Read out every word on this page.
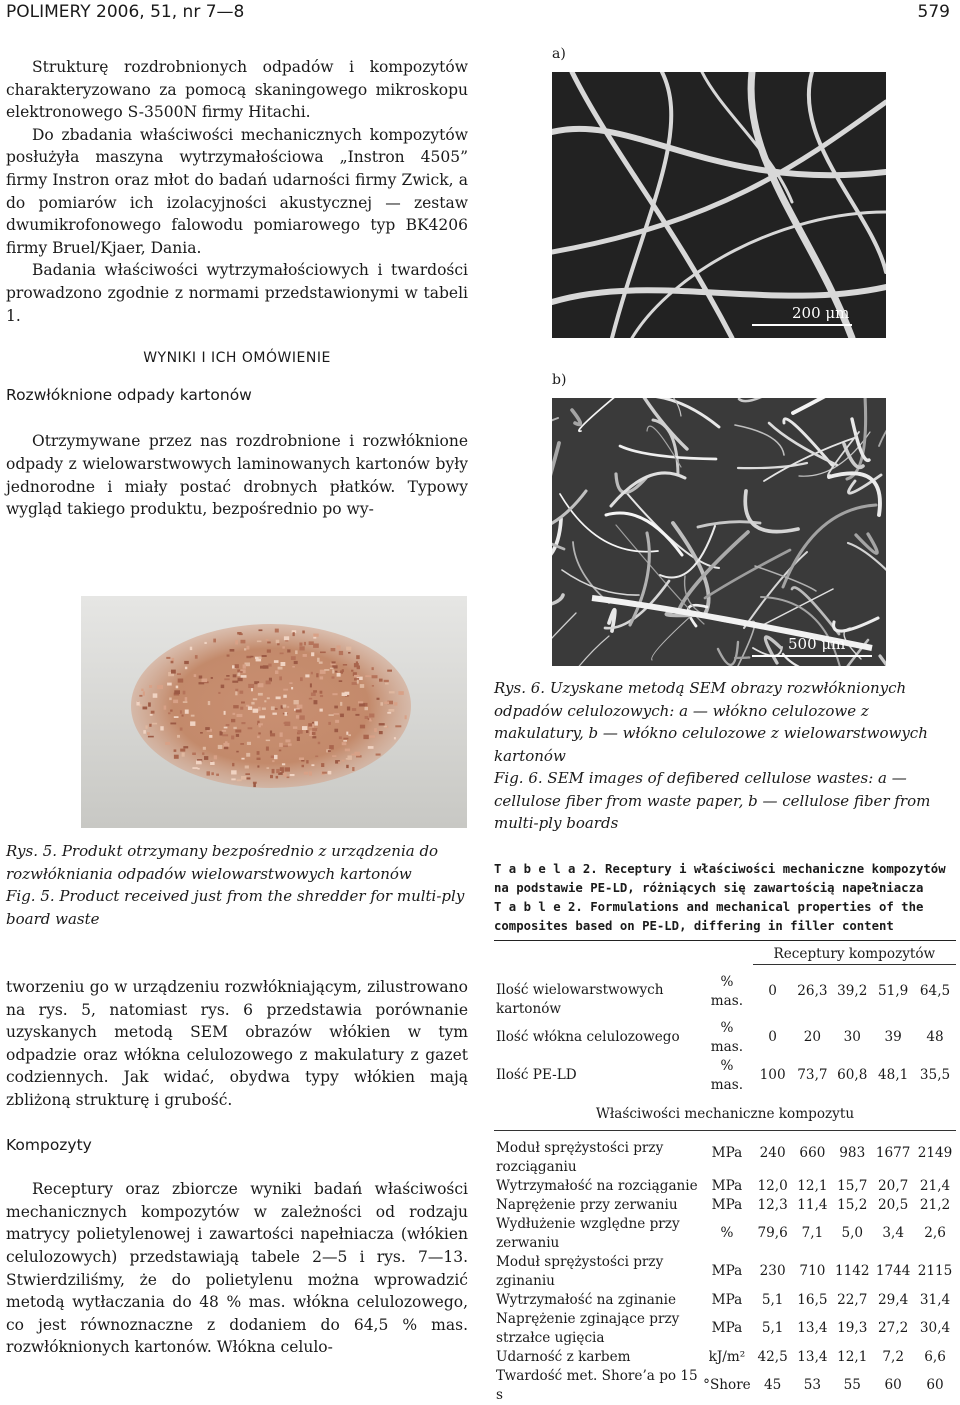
POLIMERY 2006, 51, nr 7—8	579

Strukturę rozdrobnionych odpadów i kompozytów charakteryzowano za pomocą skaningowego mikroskopu elektronowego S-3500N firmy Hitachi.

Do zbadania właściwości mechanicznych kompozytów posłużyła maszyna wytrzymałościowa „Instron 4505” firmy Instron oraz młot do badań udarności firmy Zwick, a do pomiarów ich izolacyjności akustycznej — zestaw dwumikrofonowego falowodu pomiarowego typ BK4206 firmy Bruel/Kjaer, Dania.

Badania właściwości wytrzymałościowych i twardości prowadzono zgodnie z normami przedstawionymi w tabeli 1.

WYNIKI I ICH OMÓWIENIE
Rozwłóknione odpady kartonów

Otrzymywane przez nas rozdrobnione i rozwłóknione odpady z wielowarstwowych laminowanych kartonów były jednorodne i miały postać drobnych płatków. Typowy wygląd takiego produktu, bezpośrednio po wy-

Rys. 5. Produkt otrzymany bezpośrednio z urządzenia do rozwłókniania odpadów wielowarstwowych kartonów
Fig. 5. Product received just from the shredder for multi-ply board waste

tworzeniu go w urządzeniu rozwłókniającym, zilustrowano na rys. 5, natomiast rys. 6 przedstawia porównanie uzyskanych metodą SEM obrazów włókien w tym odpadzie oraz włókna celulozowego z makulatury z gazet codziennych. Jak widać, obydwa typy włókien mają zbliżoną strukturę i grubość.

Kompozyty

Receptury oraz zbiorcze wyniki badań właściwości mechanicznych kompozytów w zależności od rodzaju matrycy polietylenowej i zawartości napełniacza (włókien celulozowych) przedstawiają tabele 2—5 i rys. 7—13. Stwierdziliśmy, że do polietylenu można wprowadzić metodą wytłaczania do 48 % mas. włókna celulozowego, co jest równoznaczne z dodaniem do 64,5 % mas. rozwłóknionych kartonów. Włókna celulo-

a)
200 μm
b)
500 μm
Rys. 6. Uzyskane metodą SEM obrazy rozwłóknionych odpadów celulozowych: a — włókno celulozowe z makulatury, b — włókno celulozowe z wielowarstwowych kartonów
Fig. 6. SEM images of defibered cellulose wastes: a — cellulose fiber from waste paper, b — cellulose fiber from multi-ply boards
T a b e l a 2. Receptury i właściwości mechaniczne kompozytów na podstawie PE-LD, różniących się zawartością napełniacza
T a b l e 2. Formulations and mechanical properties of the composites based on PE-LD, differing in filler content
		Receptury kompozytów				
Ilość wielowarstwowych kartonów	% mas.	0	26,3	39,2	51,9	64,5
Ilość włókna celulozowego	% mas.	0	20	30	39	48
Ilość PE-LD	% mas.	100	73,7	60,8	48,1	35,5
Właściwości mechaniczne kompozytu						
Moduł sprężystości przy rozciąganiu	MPa	240	660	983	1677	2149
Wytrzymałość na rozciąganie	MPa	12,0	12,1	15,7	20,7	21,4
Naprężenie przy zerwaniu	MPa	12,3	11,4	15,2	20,5	21,2
Wydłużenie względne przy zerwaniu	%	79,6	7,1	5,0	3,4	2,6
Moduł sprężystości przy zginaniu	MPa	230	710	1142	1744	2115
Wytrzymałość na zginanie	MPa	5,1	16,5	22,7	29,4	31,4
Naprężenie zginające przy strzałce ugięcia	MPa	5,1	13,4	19,3	27,2	30,4
Udarność z karbem	kJ/m²	42,5	13,4	12,1	7,2	6,6
Twardość met. Shore’a po 15 s	°Shore	45	53	55	60	60
